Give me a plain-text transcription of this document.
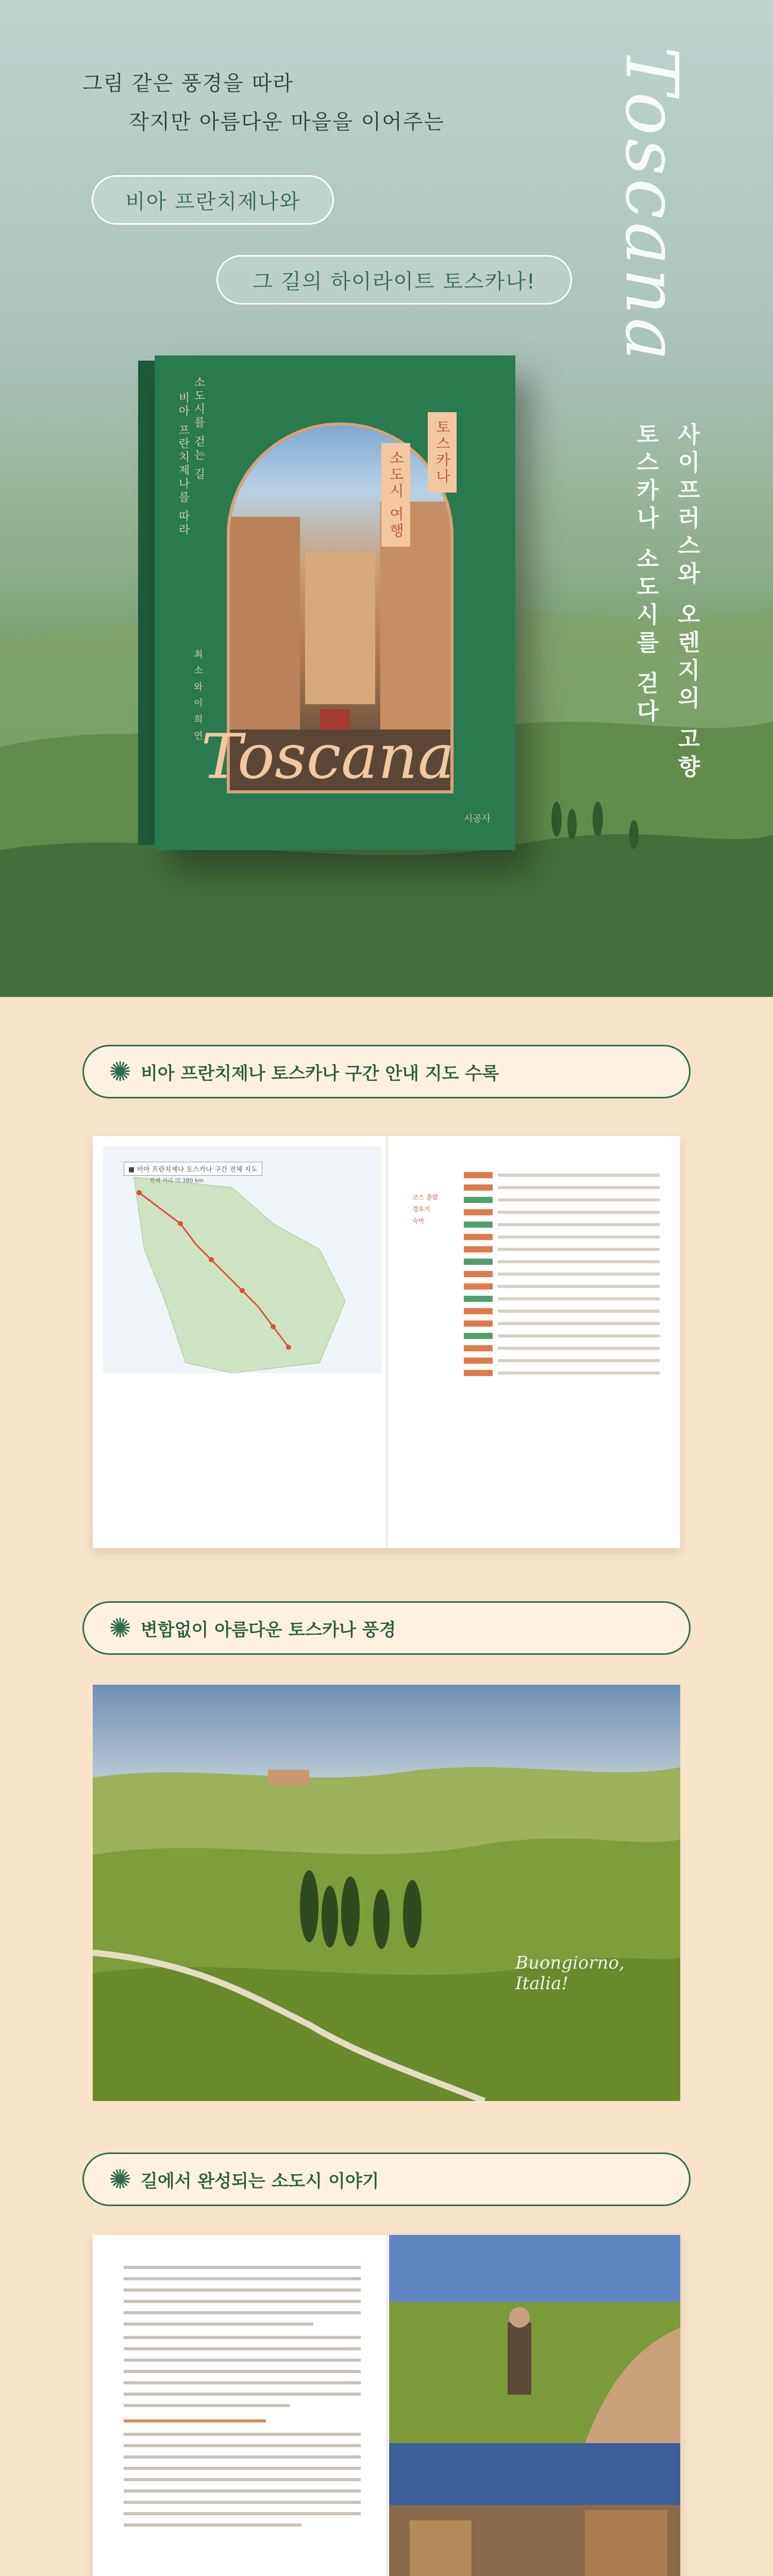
그림 같은 풍경을 따라
작지만 아름다운 마을을 이어주는
비아 프란치제나와
그 길의 하이라이트 토스카나!	Toscana
사이프러스와 오렌지의 고향
토스카나 소도시를 걷다
소도시를 걷는 길
비아 프란치제나를 따라
최 소 와 이 희 연
토스카나
소도시 여행
Toscana
시공사
✺ 비아 프란치제나 토스카나 구간 안내 지도 수록
■ 비아 프란치제나 토스카나 구간 전체 지도
전체 거리 약 380 km
코스 출발
경유지
숙박
✺ 변함없이 아름다운 토스카나 풍경
Buongiorno, Italia!
✺ 길에서 완성되는 소도시 이야기
